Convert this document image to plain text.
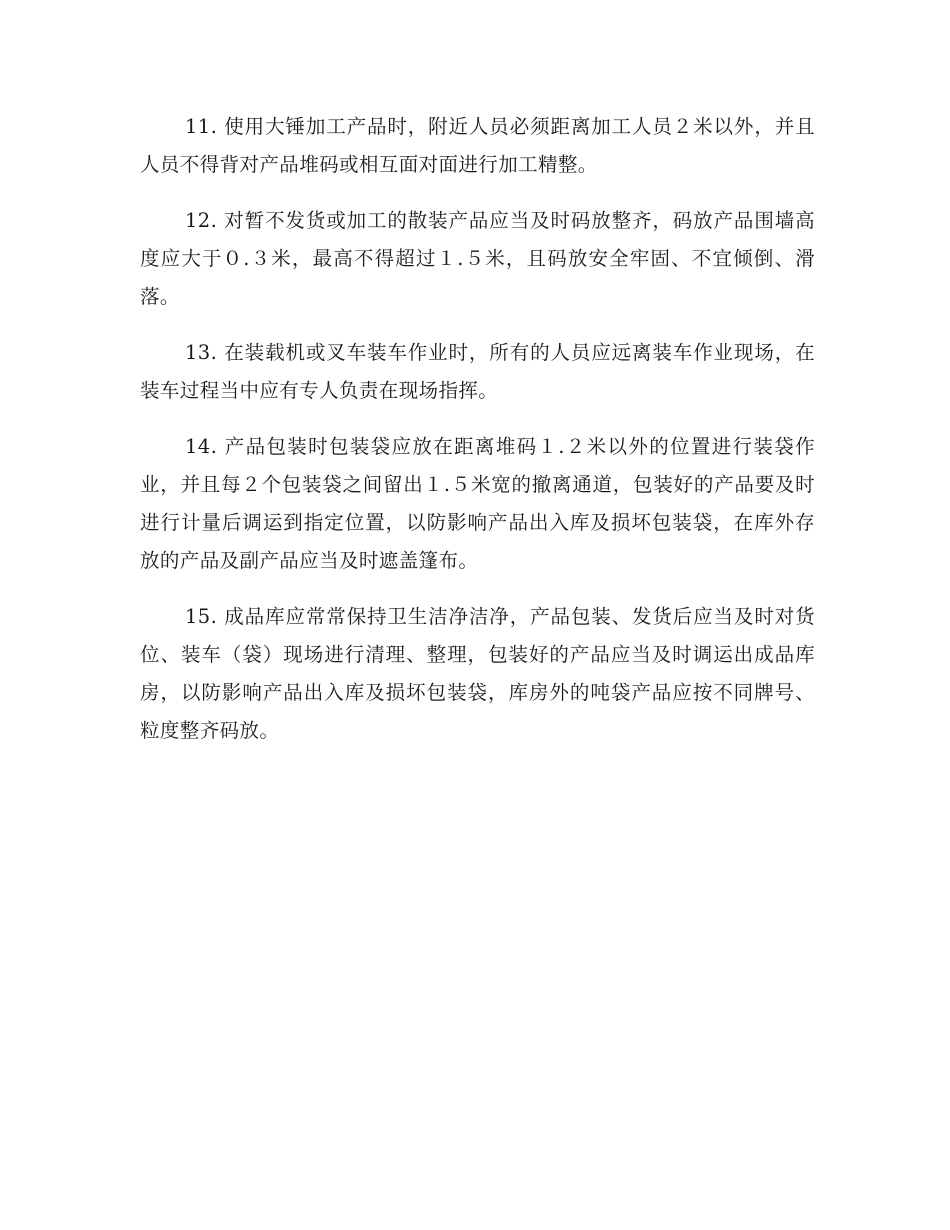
11. 使用大锤加工产品时，附近人员必须距离加工人员２米以外，并且人员不得背对产品堆码或相互面对面进行加工精整。

12. 对暂不发货或加工的散装产品应当及时码放整齐，码放产品围墙高度应大于０.３米，最高不得超过１.５米，且码放安全牢固、不宜倾倒、滑落。

13. 在装载机或叉车装车作业时，所有的人员应远离装车作业现场，在装车过程当中应有专人负责在现场指挥。

14. 产品包装时包装袋应放在距离堆码１.２米以外的位置进行装袋作业，并且每２个包装袋之间留出１.５米宽的撤离通道，包装好的产品要及时进行计量后调运到指定位置，以防影响产品出入库及损坏包装袋，在库外存放的产品及副产品应当及时遮盖篷布。

15. 成品库应常常保持卫生洁净洁净，产品包装、发货后应当及时对货位、装车（袋）现场进行清理、整理，包装好的产品应当及时调运出成品库房，以防影响产品出入库及损坏包装袋，库房外的吨袋产品应按不同牌号、粒度整齐码放。
